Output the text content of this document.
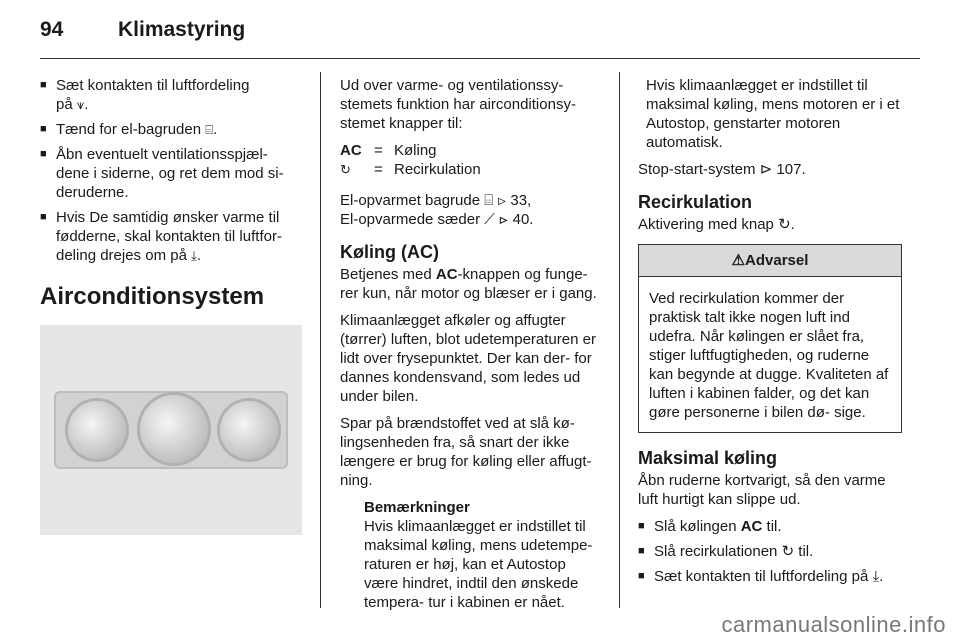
94	Klimastyring
■ Sæt kontakten til luftfordeling
på ⩛.
■ Tænd for el-bagruden ⌸.
■ Åbn eventuelt ventilationsspjæl-
dene i siderne, og ret dem mod si-
deruderne.
■ Hvis De samtidig ønsker varme til
fødderne, skal kontakten til luftfor-
deling drejes om på ⤓.
Airconditionsystem

Ud over varme- og ventilationssy- stemets funktion har airconditionsy- stemet knapper til:

AC = Køling
↻	= Recirkulation

El-opvarmet bagrude ⌸ ⊳ 33,
El-opvarmede sæder ⟋ ⊳ 40.

Køling (AC)

Betjenes med AC-knappen og funge- rer kun, når motor og blæser er i gang.

Klimaanlægget afkøler og affugter (tørrer) luften, blot udetemperaturen er lidt over frysepunktet. Der kan der- for dannes kondensvand, som ledes ud under bilen.

Spar på brændstoffet ved at slå kø- lingsenheden fra, så snart der ikke længere er brug for køling eller affugt- ning.

Bemærkninger
Hvis klimaanlægget er indstillet til maksimal køling, mens udetempe- raturen er høj, kan et Autostop være hindret, indtil den ønskede tempera- tur i kabinen er nået.

Hvis klimaanlægget er indstillet til maksimal køling, mens motoren er i et Autostop, genstarter motoren automatisk.

Stop-start-system ⊳ 107.

Recirkulation
Aktivering med knap ↻.
⚠Advarsel
Ved recirkulation kommer der praktisk talt ikke nogen luft ind udefra. Når kølingen er slået fra, stiger luftfugtigheden, og ruderne kan begynde at dugge. Kvaliteten af luften i kabinen falder, og det kan gøre personerne i bilen dø- sige.
Maksimal køling

Åbn ruderne kortvarigt, så den varme luft hurtigt kan slippe ud.

■ Slå kølingen AC til.
■ Slå recirkulationen ↻ til.
■ Sæt kontakten til luftfordeling på ⤓.
carmanualsonline.info
